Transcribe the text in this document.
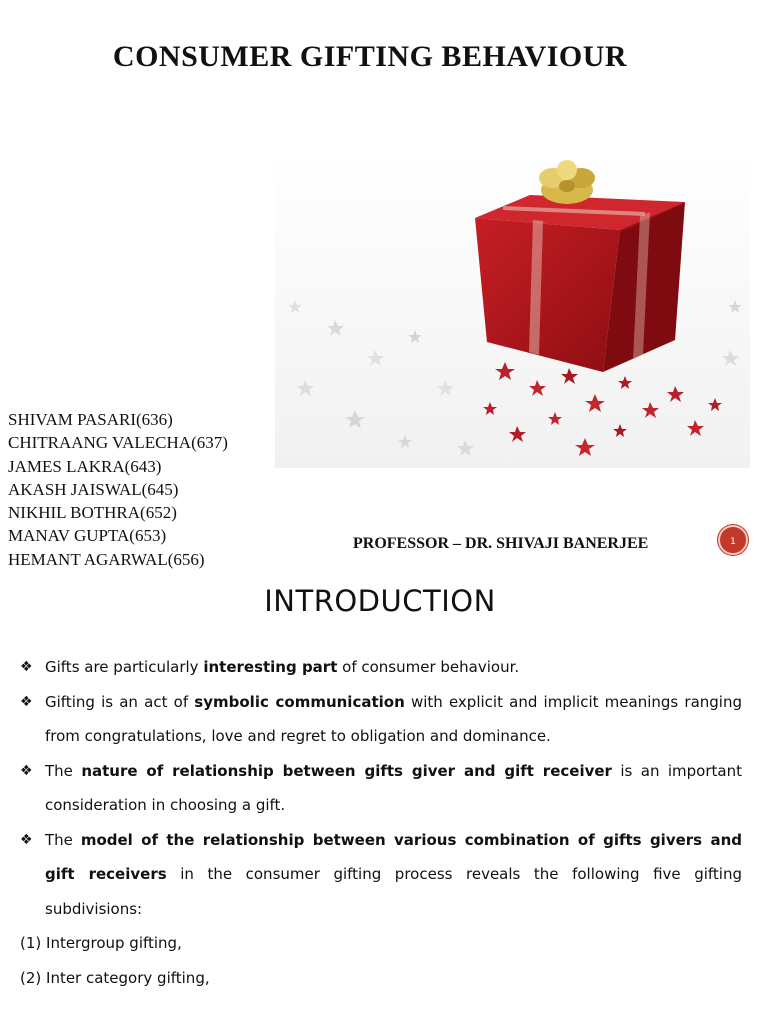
CONSUMER GIFTING BEHAVIOUR
SHIVAM PASARI(636)
CHITRAANG VALECHA(637)
JAMES LAKRA(643)
AKASH JAISWAL(645)
NIKHIL BOTHRA(652)
MANAV GUPTA(653)
HEMANT AGARWAL(656)
PROFESSOR – DR. SHIVAJI BANERJEE	1
INTRODUCTION
❖ Gifts are particularly interesting part of consumer behaviour.
❖ Gifting is an act of symbolic communication with explicit and implicit meanings ranging from congratulations, love and regret to obligation and dominance.
❖ The nature of relationship between gifts giver and gift receiver is an important consideration in choosing a gift.
❖ The model of the relationship between various combination of gifts givers and gift receivers in the consumer gifting process reveals the following five gifting subdivisions:
(1) Intergroup gifting,
(2) Inter category gifting,
